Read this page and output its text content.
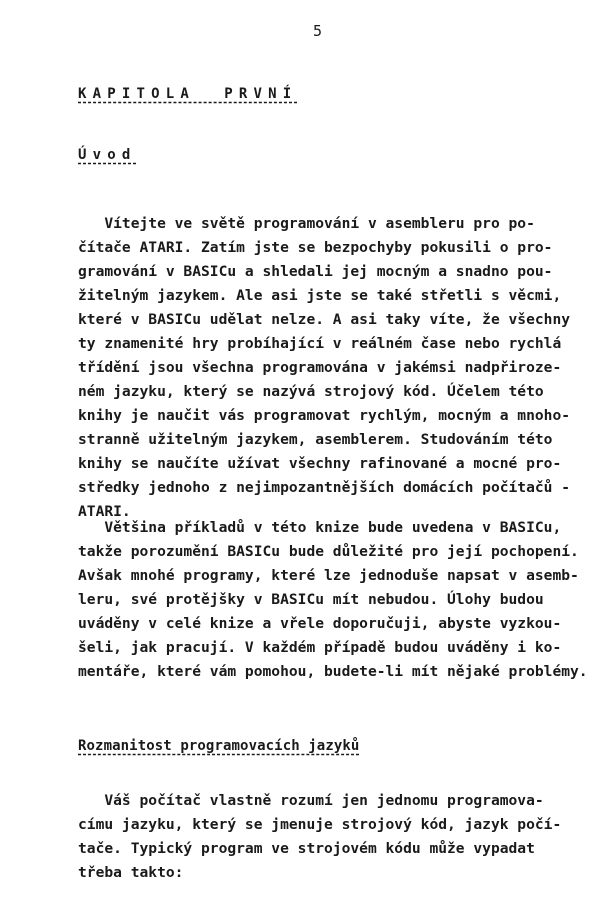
5
KAPITOLA  PRVNÍ
Úvod
Vítejte ve světě programování v asembleru pro po-
čítače ATARI. Zatím jste se bezpochyby pokusili o pro-
gramování v BASICu a shledali jej mocným a snadno pou-
žitelným jazykem. Ale asi jste se také střetli s věcmi,
které v BASICu udělat nelze. A asi taky víte, že všechny
ty znamenité hry probíhající v reálném čase nebo rychlá
třídění jsou všechna programována v jakémsi nadpřiroze-
ném jazyku, který se nazývá strojový kód. Účelem této
knihy je naučit vás programovat rychlým, mocným a mnoho-
stranně užitelným jazykem, asemblerem. Studováním této
knihy se naučíte užívat všechny rafinované a mocné pro-
středky jednoho z nejimpozantnějších domácích počítačů -
ATARI.
Většina příkladů v této knize bude uvedena v BASICu,
takže porozumění BASICu bude důležité pro její pochopení.
Avšak mnohé programy, které lze jednoduše napsat v asemb-
leru, své protějšky v BASICu mít nebudou. Úlohy budou
uváděny v celé knize a vřele doporučuji, abyste vyzkou-
šeli, jak pracují. V každém případě budou uváděny i ko-
mentáře, které vám pomohou, budete-li mít nějaké problémy.
Rozmanitost programovacích jazyků
Váš počítač vlastně rozumí jen jednomu programova-
címu jazyku, který se jmenuje strojový kód, jazyk počí-
tače. Typický program ve strojovém kódu může vypadat
třeba takto:
